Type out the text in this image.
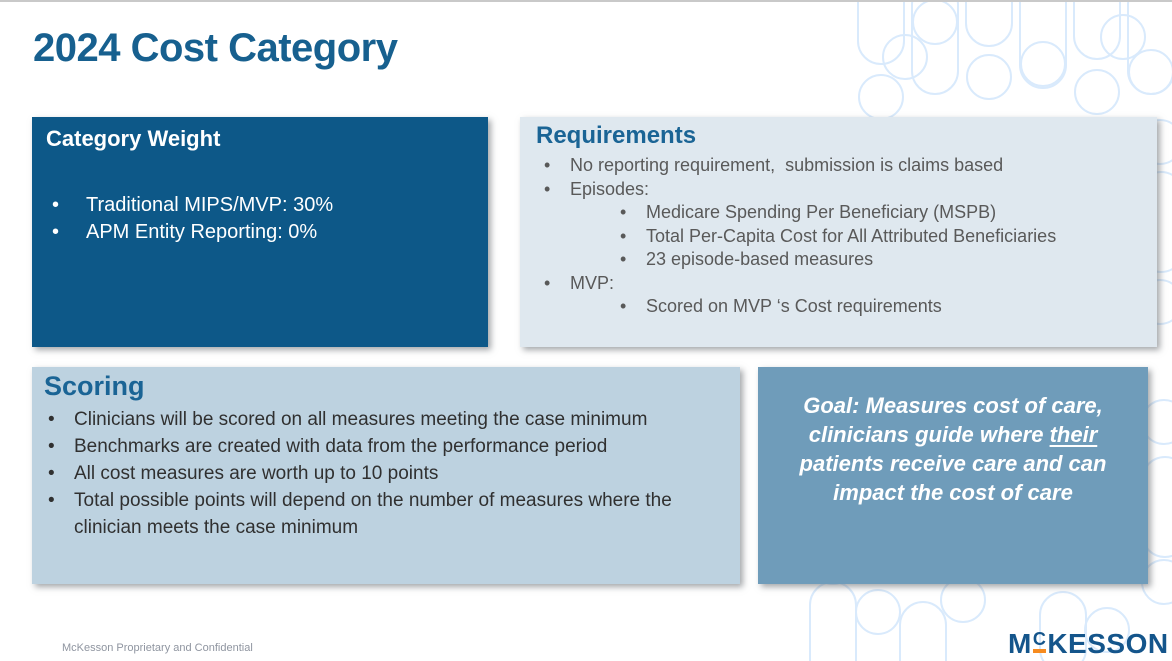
2024 Cost Category
Category Weight
•	Traditional MIPS/MVP: 30%
•	APM Entity Reporting: 0%
Requirements
•	No reporting requirement,  submission is claims based
•	Episodes:
•	Medicare Spending Per Beneficiary (MSPB)
•	Total Per-Capita Cost for All Attributed Beneficiaries
•	23 episode-based measures
•	MVP:
•	Scored on MVP ‘s Cost requirements
Scoring
•	Clinicians will be scored on all measures meeting the case minimum
•	Benchmarks are created with data from the performance period
•	All cost measures are worth up to 10 points
•	Total possible points will depend on the number of measures where the clinician meets the case minimum

Goal: Measures cost of care, clinicians guide where their patients receive care and can impact the cost of care

McKesson Proprietary and Confidential	MCKESSON
